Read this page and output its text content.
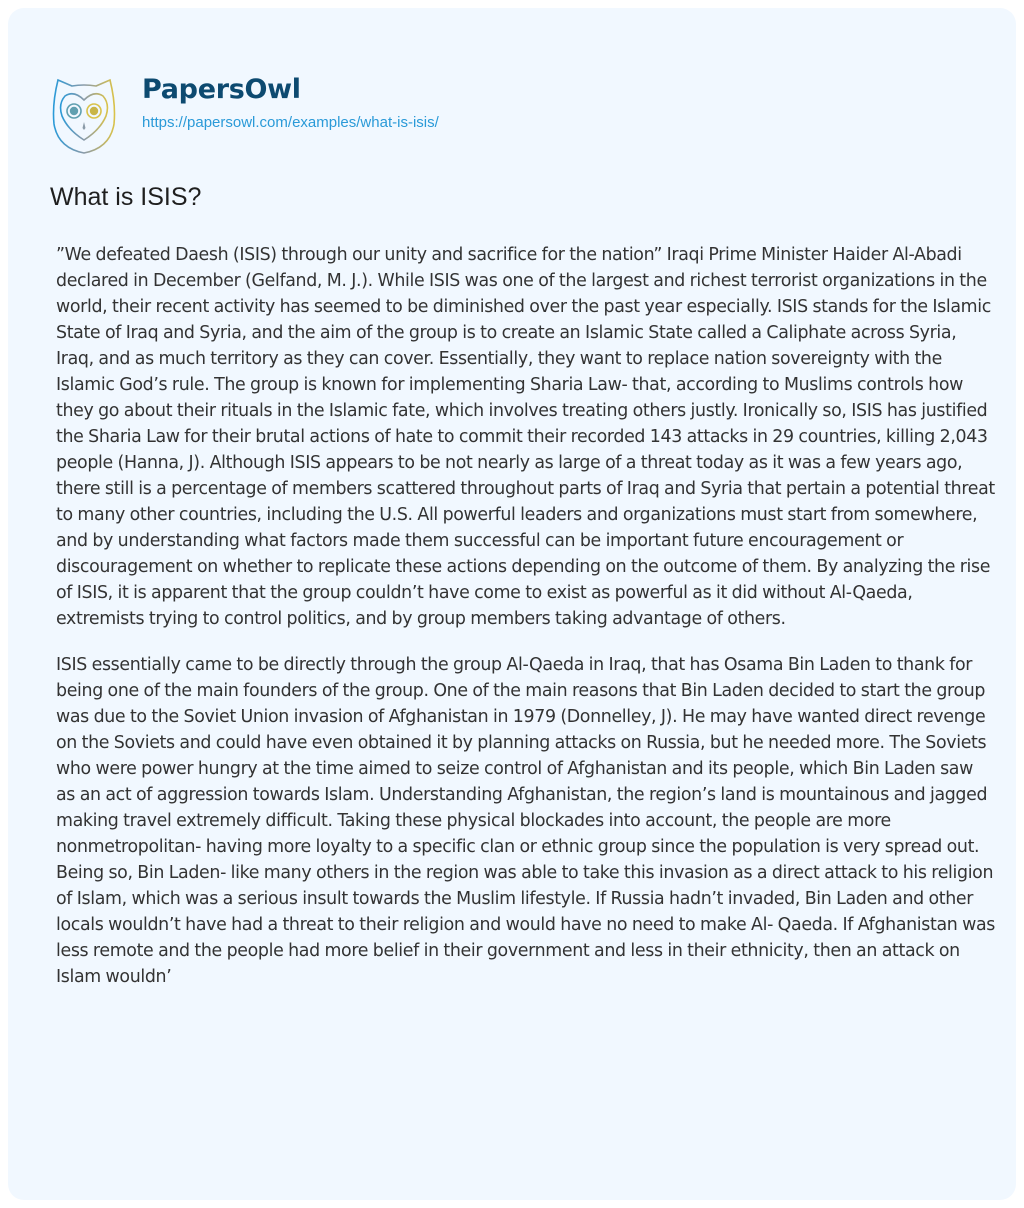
PapersOwl
https://papersowl.com/examples/what-is-isis/
What is ISIS?

”We defeated Daesh (ISIS) through our unity and sacrifice for the nation” Iraqi Prime Minister Haider Al-Abadi declared in December (Gelfand, M. J.). While ISIS was one of the largest and richest terrorist organizations in the world, their recent activity has seemed to be diminished over the past year especially. ISIS stands for the Islamic State of Iraq and Syria, and the aim of the group is to create an Islamic State called a Caliphate across Syria, Iraq, and as much territory as they can cover. Essentially, they want to replace nation sovereignty with the Islamic God’s rule. The group is known for implementing Sharia Law- that, according to Muslims controls how they go about their rituals in the Islamic fate, which involves treating others justly. Ironically so, ISIS has justified the Sharia Law for their brutal actions of hate to commit their recorded 143 attacks in 29 countries, killing 2,043 people (Hanna, J). Although ISIS appears to be not nearly as large of a threat today as it was a few years ago, there still is a percentage of members scattered throughout parts of Iraq and Syria that pertain a potential threat to many other countries, including the U.S. All powerful leaders and organizations must start from somewhere, and by understanding what factors made them successful can be important future encouragement or discouragement on whether to replicate these actions depending on the outcome of them. By analyzing the rise of ISIS, it is apparent that the group couldn’t have come to exist as powerful as it did without Al-Qaeda, extremists trying to control politics, and by group members taking advantage of others.

ISIS essentially came to be directly through the group Al-Qaeda in Iraq, that has Osama Bin Laden to thank for being one of the main founders of the group. One of the main reasons that Bin Laden decided to start the group was due to the Soviet Union invasion of Afghanistan in 1979 (Donnelley, J). He may have wanted direct revenge on the Soviets and could have even obtained it by planning attacks on Russia, but he needed more. The Soviets who were power hungry at the time aimed to seize control of Afghanistan and its people, which Bin Laden saw as an act of aggression towards Islam. Understanding Afghanistan, the region’s land is mountainous and jagged making travel extremely difficult. Taking these physical blockades into account, the people are more nonmetropolitan- having more loyalty to a specific clan or ethnic group since the population is very spread out. Being so, Bin Laden- like many others in the region was able to take this invasion as a direct attack to his religion of Islam, which was a serious insult towards the Muslim lifestyle. If Russia hadn’t invaded, Bin Laden and other locals wouldn’t have had a threat to their religion and would have no need to make Al- Qaeda. If Afghanistan was less remote and the people had more belief in their government and less in their ethnicity, then an attack on Islam wouldn’
